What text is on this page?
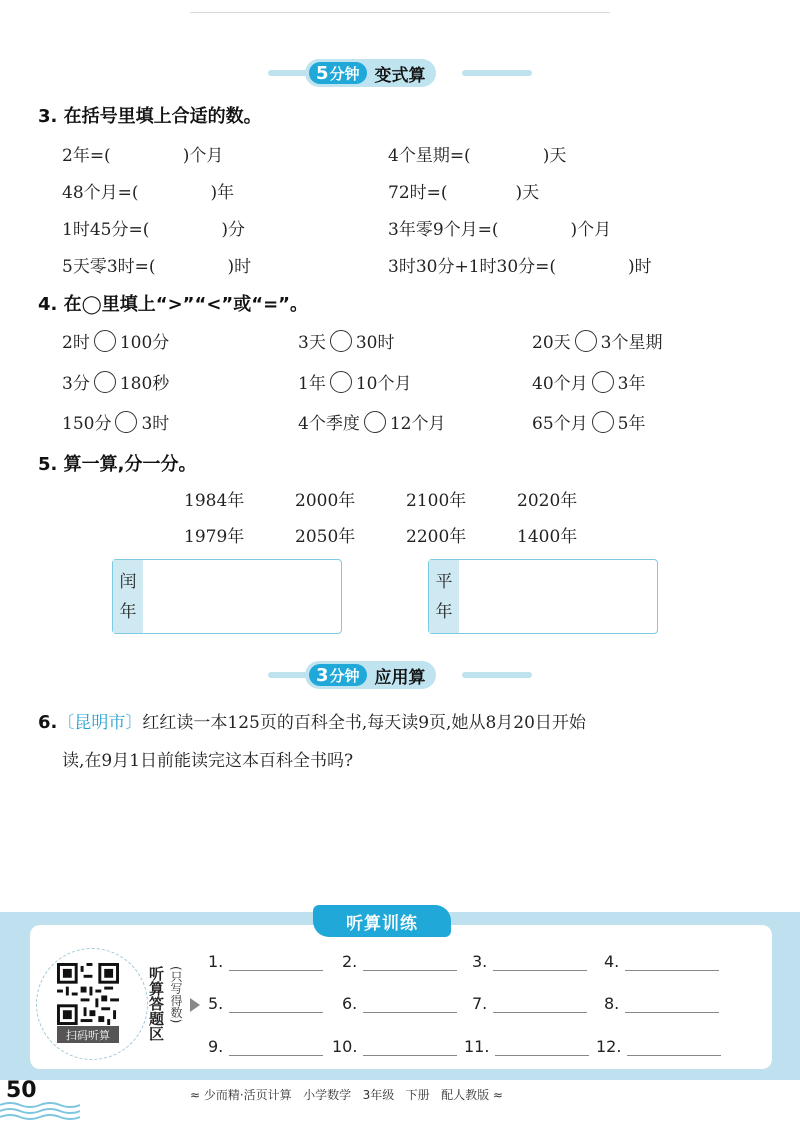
5 分钟 变式算
3. 在括号里填上合适的数。
2年=(	)个月	4个星期=(	)天
48个月=(	)年	72时=(	)天
1时45分=(	)分	3年零9个月=(	)个月
5天零3时=(	)时	3时30分+1时30分=(	)时
4. 在◯里填上“>”“<”或“=”。
2时 100分	3天 30时	20天 3个星期
3分 180秒	1年 10个月	40个月 3年
150分 3时	4个季度 12个月	65个月 5年
5. 算一算,分一分。
1984年	2000年	2100年	2020年
1979年	2050年	2200年	1400年
闰
年
平
年
3 分钟 应用算
6.〔昆明市〕红红读一本125页的百科全书,每天读9页,她从8月20日开始
读,在9月1日前能读完这本百科全书吗?
听算训练
扫码听算	听算答题区 (只写得数)
1.	2.	3.	4.
5.	6.	7.	8.
9.	10.	11.	12.
50	≈ 少而精·活页计算   小学数学   3年级   下册   配人教版 ≈
